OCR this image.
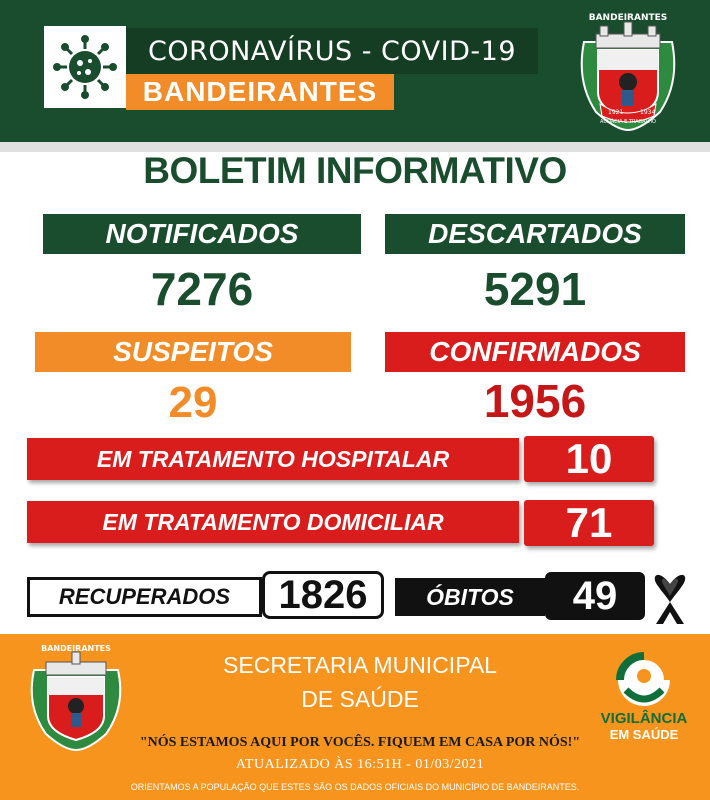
CORONAVÍRUS - COVID-19
BANDEIRANTES
1921	1934
AUDÁCIA E TRABALHO
BANDEIRANTES
BOLETIM INFORMATIVO
NOTIFICADOS	DESCARTADOS
7276	5291
SUSPEITOS	CONFIRMADOS
29	1956
EM TRATAMENTO HOSPITALAR	10
EM TRATAMENTO DOMICILIAR	71
RECUPERADOS	1826	ÓBITOS	49
BANDEIRANTES
SECRETARIA MUNICIPAL
DE SAÚDE
"NÓS ESTAMOS AQUI POR VOCÊS. FIQUEM EM CASA POR NÓS!"
ATUALIZADO ÀS 16:51H - 01/03/2021
ORIENTAMOS A POPULAÇÃO QUE ESTES SÃO OS DADOS OFICIAIS DO MUNICÍPIO DE BANDEIRANTES.
VIGILÂNCIA
EM SAÚDE
